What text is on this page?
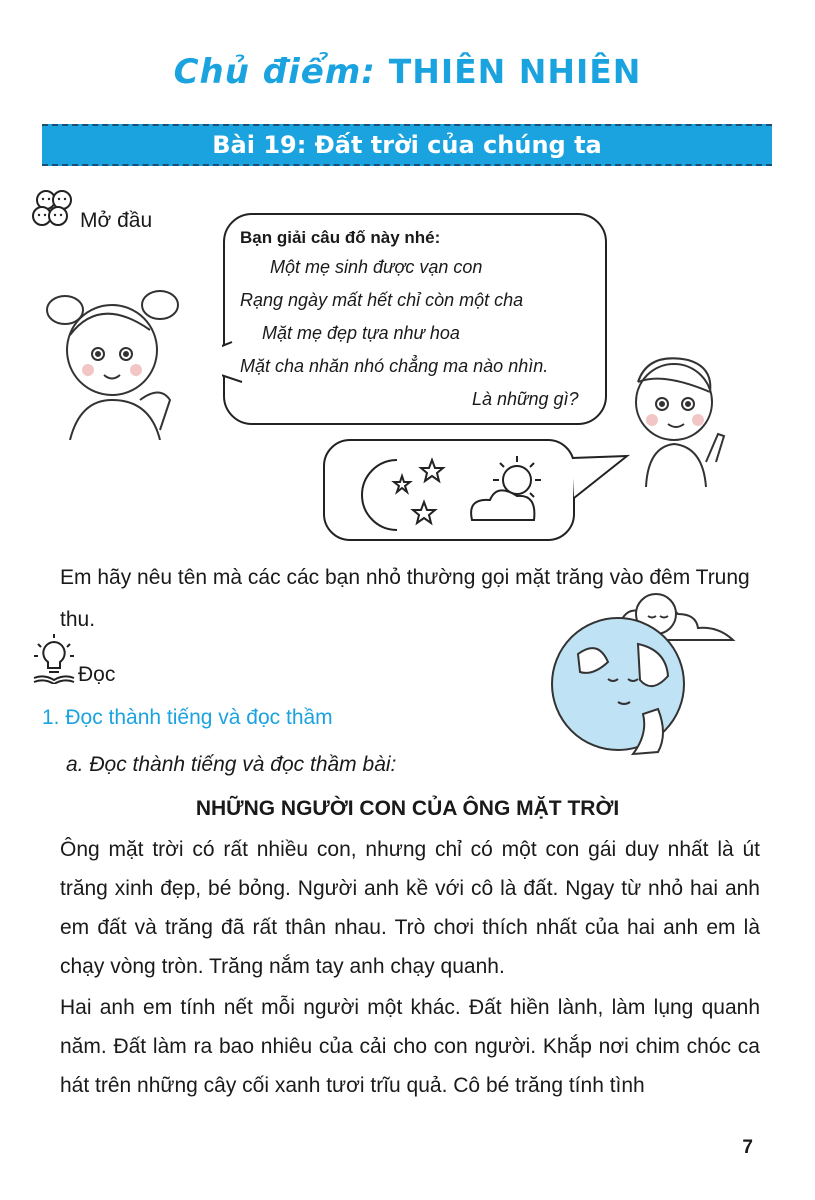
Chủ điểm: THIÊN NHIÊN
Bài 19: Đất trời của chúng ta
Mở đầu
Bạn giải câu đố này nhé:
Một mẹ sinh được vạn con
Rạng ngày mất hết chỉ còn một cha
Mặt mẹ đẹp tựa như hoa
Mặt cha nhăn nhó chẳng ma nào nhìn.
Là những gì?
Em hãy nêu tên mà các các bạn nhỏ thường gọi mặt trăng vào đêm Trung thu.
Đọc
1. Đọc thành tiếng và đọc thầm
a. Đọc thành tiếng và đọc thầm bài:
NHỮNG NGƯỜI CON CỦA ÔNG MẶT TRỜI
Ông mặt trời có rất nhiều con, nhưng chỉ có một con gái duy nhất là út trăng xinh đẹp, bé bỏng. Người anh kề với cô là đất. Ngay từ nhỏ hai anh em đất và trăng đã rất thân nhau. Trò chơi thích nhất của hai anh em là chạy vòng tròn. Trăng nắm tay anh chạy quanh.
Hai anh em tính nết mỗi người một khác. Đất hiền lành, làm lụng quanh năm. Đất làm ra bao nhiêu của cải cho con người. Khắp nơi chim chóc ca hát trên những cây cối xanh tươi trĩu quả. Cô bé trăng tính tình
7
